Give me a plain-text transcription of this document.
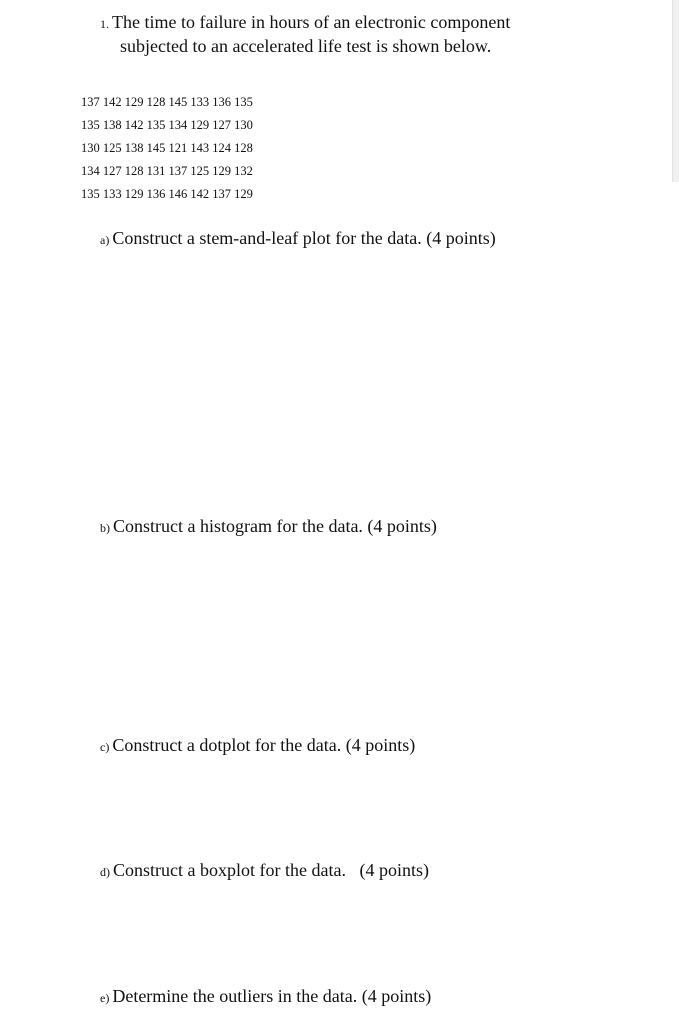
1. The time to failure in hours of an electronic component
subjected to an accelerated life test is shown below.
137 142 129 128 145 133 136 135
135 138 142 135 134 129 127 130
130 125 138 145 121 143 124 128
134 127 128 131 137 125 129 132
135 133 129 136 146 142 137 129
a) Construct a stem-and-leaf plot for the data. (4 points)
b) Construct a histogram for the data. (4 points)
c) Construct a dotplot for the data. (4 points)
d) Construct a boxplot for the data.   (4 points)
e) Determine the outliers in the data. (4 points)
